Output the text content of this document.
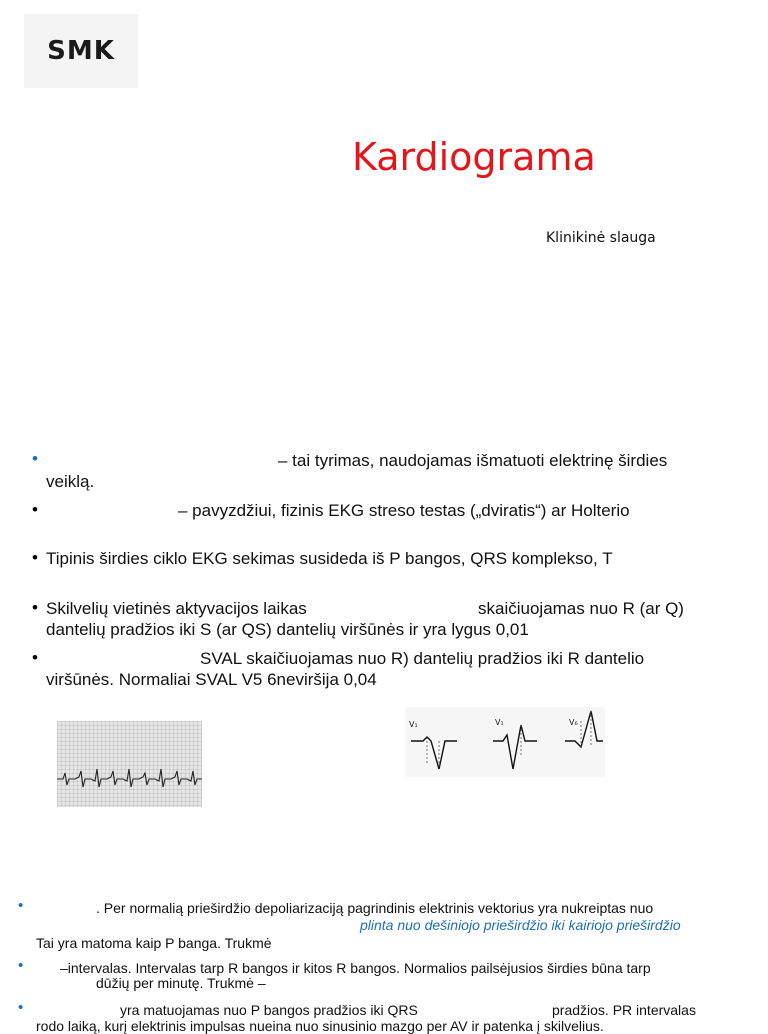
SMK
Kardiograma
Klinikinė slauga
•	– tai tyrimas, naudojamas išmatuoti elektrinę širdies
veiklą.
•	– pavyzdžiui, fizinis EKG streso testas („dviratis“) ar Holterio
• Tipinis širdies ciklo EKG sekimas susideda iš P bangos, QRS komplekso, T
• Skilvelių vietinės aktyvacijos laikas	skaičiuojamas nuo R (ar Q)
dantelių pradžios iki S (ar QS) dantelių viršūnės ir yra lygus 0,01
•	SVAL skaičiuojamas nuo R) dantelių pradžios iki R dantelio
viršūnės. Normaliai SVAL V5 6neviršija 0,04
V₁	V₁	V₆
•	. Per normalią prieširdžio depoliarizaciją pagrindinis elektrinis vektorius yra nukreiptas nuo
plinta nuo dešiniojo prieširdžio iki kairiojo prieširdžio
Tai yra matoma kaip P banga. Trukmė
•	–intervalas. Intervalas tarp R bangos ir kitos R bangos. Normalios pailsėjusios širdies būna tarp
dūžių per minutę. Trukmė –
•	yra matuojamas nuo P bangos pradžios iki QRS	pradžios. PR intervalas
rodo laiką, kurį elektrinis impulsas nueina nuo sinusinio mazgo per AV ir patenka į skilvelius.
